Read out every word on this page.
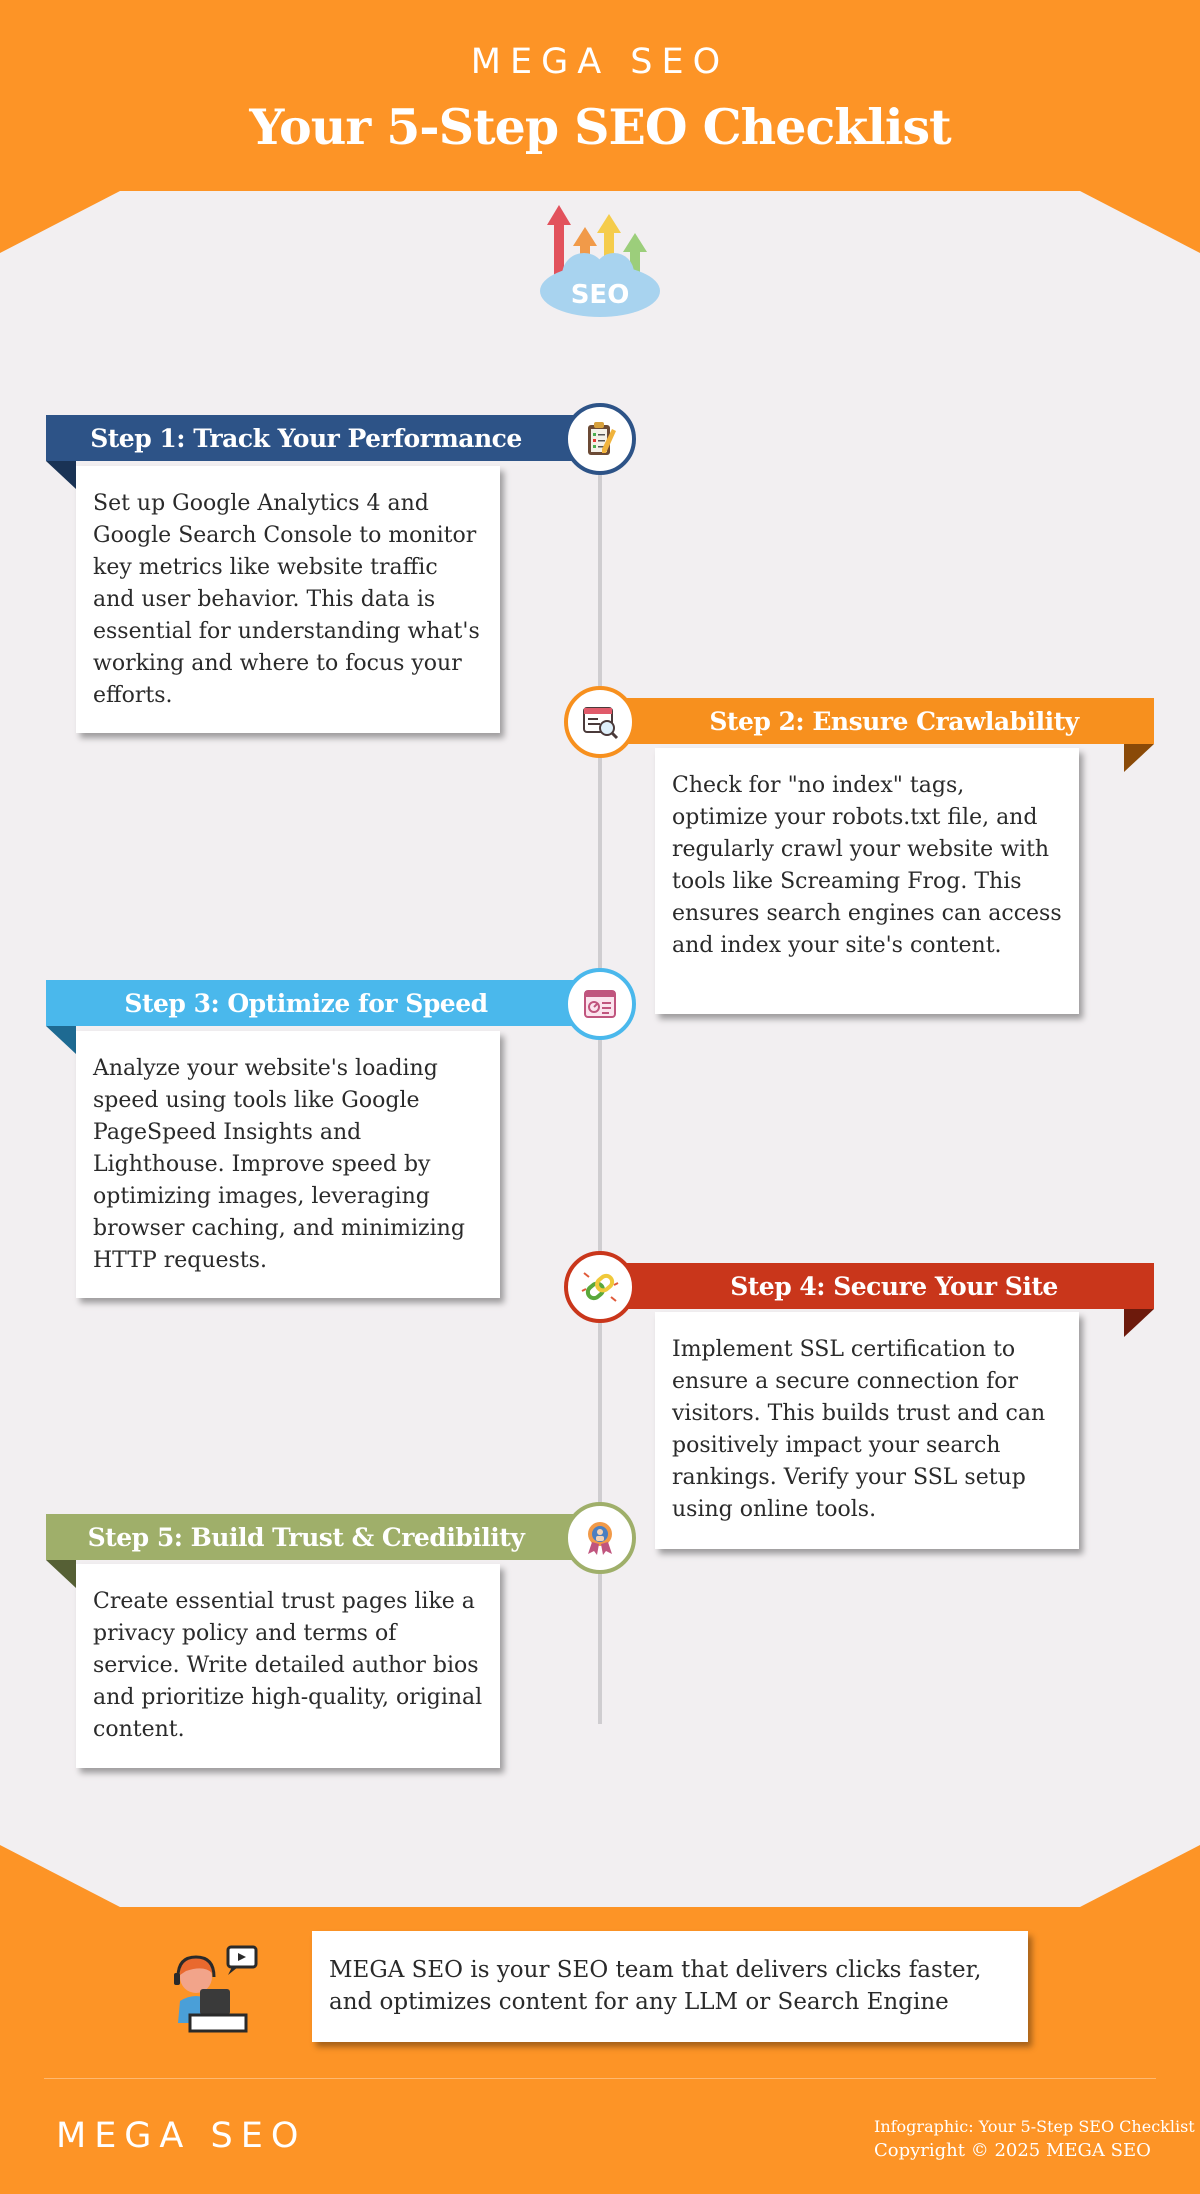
MEGA SEO
Your 5-Step SEO Checklist
SEO
Step 1: Track Your Performance
Set up Google Analytics 4 and Google Search Console to monitor key metrics like website traffic and user behavior. This data is essential for understanding what's working and where to focus your efforts.
Step 2: Ensure Crawlability
Check for "no index" tags, optimize your robots.txt file, and regularly crawl your website with tools like Screaming Frog. This ensures search engines can access and index your site's content.
Step 3: Optimize for Speed
Analyze your website's loading speed using tools like Google PageSpeed Insights and Lighthouse. Improve speed by optimizing images, leveraging browser caching, and minimizing HTTP requests.
Step 4: Secure Your Site
Implement SSL certification to ensure a secure connection for visitors. This builds trust and can positively impact your search rankings. Verify your SSL setup using online tools.
Step 5: Build Trust & Credibility
Create essential trust pages like a privacy policy and terms of service. Write detailed author bios and prioritize high-quality, original content.
MEGA SEO is your SEO team that delivers clicks faster, and optimizes content for any LLM or Search Engine
MEGA SEO	Infographic: Your 5-Step SEO Checklist
Copyright © 2025 MEGA SEO
